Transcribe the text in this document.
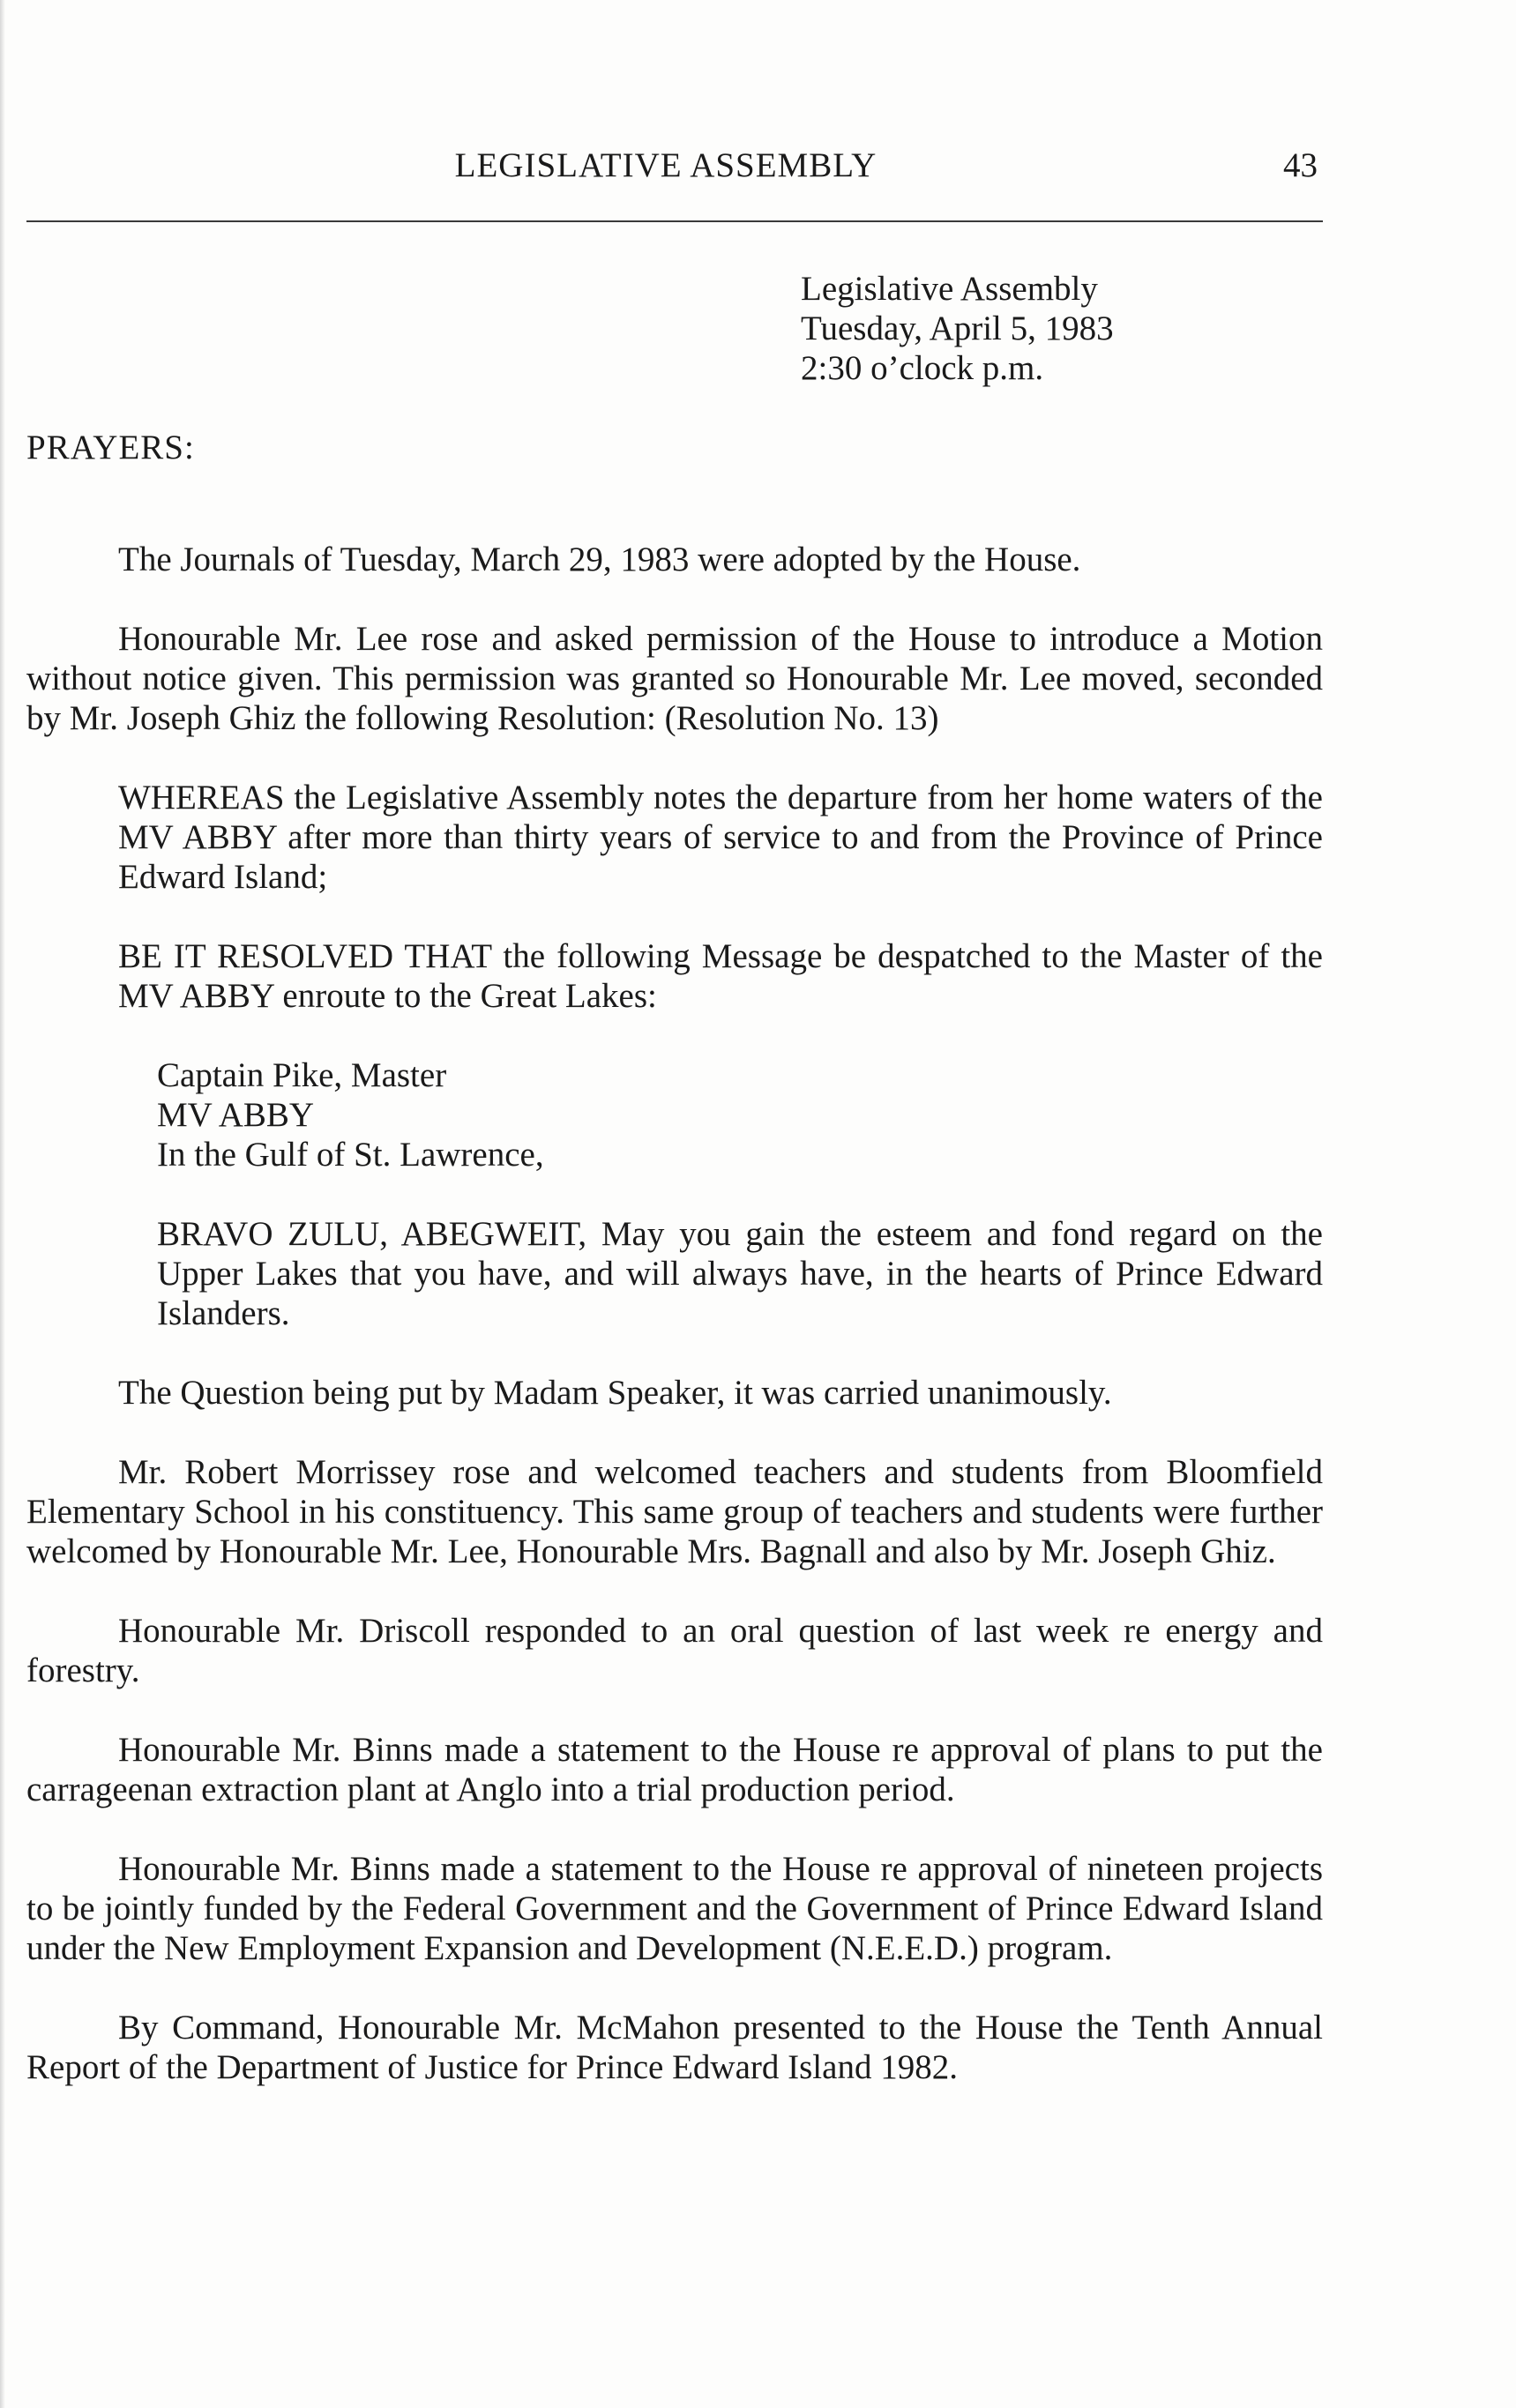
LEGISLATIVE ASSEMBLY	43
Legislative Assembly
Tuesday, April 5, 1983
2:30 o’clock p.m.
PRAYERS:

The Journals of Tuesday, March 29, 1983 were adopted by the House.

Honourable Mr. Lee rose and asked permission of the House to introduce a Motion without notice given. This permission was granted so Honourable Mr. Lee moved, seconded by Mr. Joseph Ghiz the following Resolution: (Resolution No. 13)

WHEREAS the Legislative Assembly notes the departure from her home waters of the MV ABBY after more than thirty years of service to and from the Province of Prince Edward Island;

BE IT RESOLVED THAT the following Message be despatched to the Master of the MV ABBY enroute to the Great Lakes:

Captain Pike, Master
MV ABBY
In the Gulf of St. Lawrence,

BRAVO ZULU, ABEGWEIT, May you gain the esteem and fond regard on the Upper Lakes that you have, and will always have, in the hearts of Prince Edward Islanders.

The Question being put by Madam Speaker, it was carried unanimously.

Mr. Robert Morrissey rose and welcomed teachers and students from Bloomfield Elementary School in his constituency. This same group of teachers and students were further welcomed by Honourable Mr. Lee, Honourable Mrs. Bagnall and also by Mr. Joseph Ghiz.

Honourable Mr. Driscoll responded to an oral question of last week re energy and forestry.

Honourable Mr. Binns made a statement to the House re approval of plans to put the carrageenan extraction plant at Anglo into a trial production period.

Honourable Mr. Binns made a statement to the House re approval of nineteen projects to be jointly funded by the Federal Government and the Government of Prince Edward Island under the New Employment Expansion and Development (N.E.E.D.) program.

By Command, Honourable Mr. McMahon presented to the House the Tenth Annual Report of the Department of Justice for Prince Edward Island 1982.
